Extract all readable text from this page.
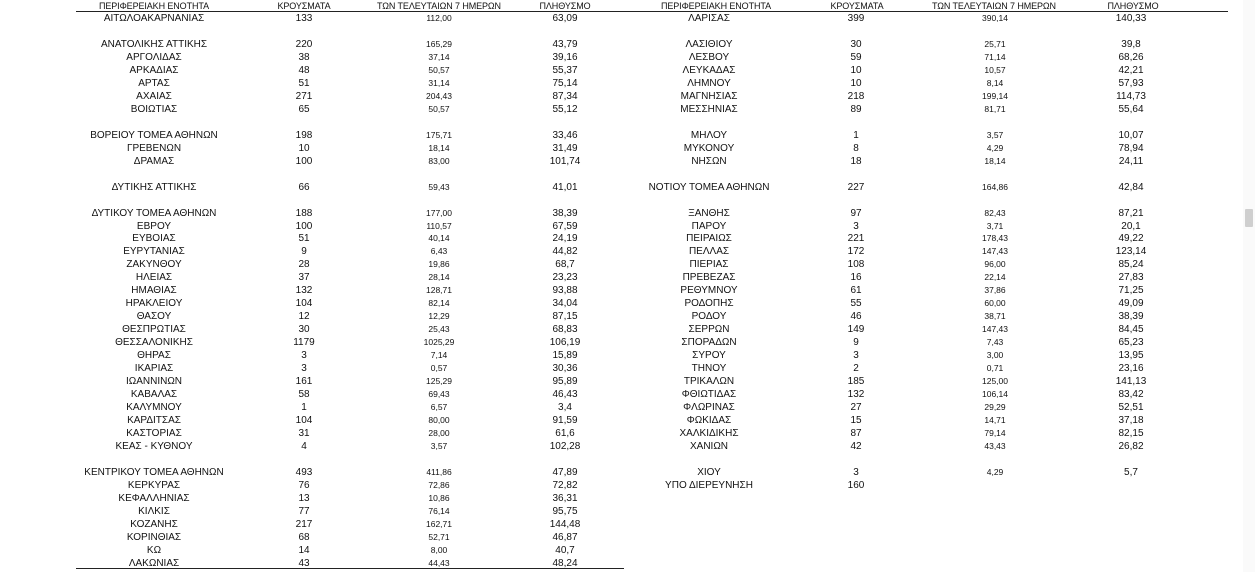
ΠΕΡΙΦΕΡΕΙΑΚΗ ΕΝΟΤΗΤΑ	ΚΡΟΥΣΜΑΤΑ	ΤΩΝ ΤΕΛΕΥΤΑΙΩΝ 7 ΗΜΕΡΩΝ	ΠΛΗΘΥΣΜΟ	ΠΕΡΙΦΕΡΕΙΑΚΗ ΕΝΟΤΗΤΑ	ΚΡΟΥΣΜΑΤΑ	ΤΩΝ ΤΕΛΕΥΤΑΙΩΝ 7 ΗΜΕΡΩΝ	ΠΛΗΘΥΣΜΟ
ΑΙΤΩΛΟΑΚΑΡΝΑΝΙΑΣ	133	112,00	63,09
ΑΝΑΤΟΛΙΚΗΣ ΑΤΤΙΚΗΣ	220	165,29	43,79
ΑΡΓΟΛΙΔΑΣ	38	37,14	39,16
ΑΡΚΑΔΙΑΣ	48	50,57	55,37
ΑΡΤΑΣ	51	31,14	75,14
ΑΧΑΙΑΣ	271	204,43	87,34
ΒΟΙΩΤΙΑΣ	65	50,57	55,12
ΒΟΡΕΙΟΥ ΤΟΜΕΑ ΑΘΗΝΩΝ	198	175,71	33,46
ΓΡΕΒΕΝΩΝ	10	18,14	31,49
ΔΡΑΜΑΣ	100	83,00	101,74
ΔΥΤΙΚΗΣ ΑΤΤΙΚΗΣ	66	59,43	41,01
ΔΥΤΙΚΟΥ ΤΟΜΕΑ ΑΘΗΝΩΝ	188	177,00	38,39
ΕΒΡΟΥ	100	110,57	67,59
ΕΥΒΟΙΑΣ	51	40,14	24,19
ΕΥΡΥΤΑΝΙΑΣ	9	6,43	44,82
ΖΑΚΥΝΘΟΥ	28	19,86	68,7
ΗΛΕΙΑΣ	37	28,14	23,23
ΗΜΑΘΙΑΣ	132	128,71	93,88
ΗΡΑΚΛΕΙΟΥ	104	82,14	34,04
ΘΑΣΟΥ	12	12,29	87,15
ΘΕΣΠΡΩΤΙΑΣ	30	25,43	68,83
ΘΕΣΣΑΛΟΝΙΚΗΣ	1179	1025,29	106,19
ΘΗΡΑΣ	3	7,14	15,89
ΙΚΑΡΙΑΣ	3	0,57	30,36
ΙΩΑΝΝΙΝΩΝ	161	125,29	95,89
ΚΑΒΑΛΑΣ	58	69,43	46,43
ΚΑΛΥΜΝΟΥ	1	6,57	3,4
ΚΑΡΔΙΤΣΑΣ	104	80,00	91,59
ΚΑΣΤΟΡΙΑΣ	31	28,00	61,6
ΚΕΑΣ - ΚΥΘΝΟΥ	4	3,57	102,28
ΚΕΝΤΡΙΚΟΥ ΤΟΜΕΑ ΑΘΗΝΩΝ	493	411,86	47,89
ΚΕΡΚΥΡΑΣ	76	72,86	72,82
ΚΕΦΑΛΛΗΝΙΑΣ	13	10,86	36,31
ΚΙΛΚΙΣ	77	76,14	95,75
ΚΟΖΑΝΗΣ	217	162,71	144,48
ΚΟΡΙΝΘΙΑΣ	68	52,71	46,87
ΚΩ	14	8,00	40,7
ΛΑΚΩΝΙΑΣ	43	44,43	48,24
ΛΑΡΙΣΑΣ	399	390,14	140,33
ΛΑΣΙΘΙΟΥ	30	25,71	39,8
ΛΕΣΒΟΥ	59	71,14	68,26
ΛΕΥΚΑΔΑΣ	10	10,57	42,21
ΛΗΜΝΟΥ	10	8,14	57,93
ΜΑΓΝΗΣΙΑΣ	218	199,14	114,73
ΜΕΣΣΗΝΙΑΣ	89	81,71	55,64
ΜΗΛΟΥ	1	3,57	10,07
ΜΥΚΟΝΟΥ	8	4,29	78,94
ΝΗΣΩΝ	18	18,14	24,11
ΝΟΤΙΟΥ ΤΟΜΕΑ ΑΘΗΝΩΝ	227	164,86	42,84
ΞΑΝΘΗΣ	97	82,43	87,21
ΠΑΡΟΥ	3	3,71	20,1
ΠΕΙΡΑΙΩΣ	221	178,43	49,22
ΠΕΛΛΑΣ	172	147,43	123,14
ΠΙΕΡΙΑΣ	108	96,00	85,24
ΠΡΕΒΕΖΑΣ	16	22,14	27,83
ΡΕΘΥΜΝΟΥ	61	37,86	71,25
ΡΟΔΟΠΗΣ	55	60,00	49,09
ΡΟΔΟΥ	46	38,71	38,39
ΣΕΡΡΩΝ	149	147,43	84,45
ΣΠΟΡΑΔΩΝ	9	7,43	65,23
ΣΥΡΟΥ	3	3,00	13,95
ΤΗΝΟΥ	2	0,71	23,16
ΤΡΙΚΑΛΩΝ	185	125,00	141,13
ΦΘΙΩΤΙΔΑΣ	132	106,14	83,42
ΦΛΩΡΙΝΑΣ	27	29,29	52,51
ΦΩΚΙΔΑΣ	15	14,71	37,18
ΧΑΛΚΙΔΙΚΗΣ	87	79,14	82,15
ΧΑΝΙΩΝ	42	43,43	26,82
ΧΙΟΥ	3	4,29	5,7
ΥΠΟ ΔΙΕΡΕΥΝΗΣΗ	160
